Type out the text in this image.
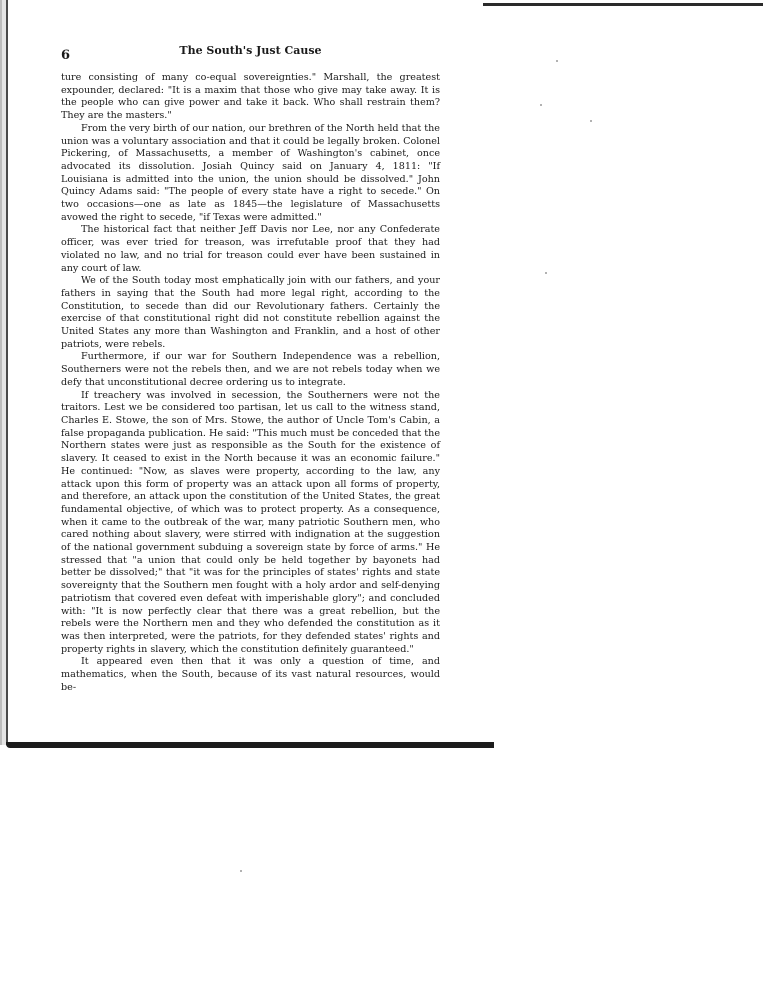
6	The South's Just Cause

ture consisting of many co-equal sovereignties." Marshall, the greatest expounder, declared: "It is a maxim that those who give may take away. It is the people who can give power and take it back. Who shall restrain them? They are the masters."

From the very birth of our nation, our brethren of the North held that the union was a voluntary association and that it could be legally broken. Colonel Pickering, of Massachusetts, a member of Washington's cabinet, once advocated its dissolution. Josiah Quincy said on January 4, 1811: "If Louisiana is admitted into the union, the union should be dissolved." John Quincy Adams said: "The people of every state have a right to secede." On two occasions—one as late as 1845—the legislature of Massachusetts avowed the right to secede, "if Texas were admitted."

The historical fact that neither Jeff Davis nor Lee, nor any Confederate officer, was ever tried for treason, was irrefutable proof that they had violated no law, and no trial for treason could ever have been sustained in any court of law.

We of the South today most emphatically join with our fathers, and your fathers in saying that the South had more legal right, according to the Constitution, to secede than did our Revolutionary fathers. Certainly the exercise of that constitutional right did not constitute rebellion against the United States any more than Washington and Franklin, and a host of other patriots, were rebels.

Furthermore, if our war for Southern Independence was a rebellion, Southerners were not the rebels then, and we are not rebels today when we defy that unconstitutional decree ordering us to integrate.

If treachery was involved in secession, the Southerners were not the traitors. Lest we be considered too partisan, let us call to the witness stand, Charles E. Stowe, the son of Mrs. Stowe, the author of Uncle Tom's Cabin, a false propaganda publication. He said: "This much must be conceded that the Northern states were just as responsible as the South for the existence of slavery. It ceased to exist in the North because it was an economic failure." He continued: "Now, as slaves were property, according to the law, any attack upon this form of property was an attack upon all forms of property, and therefore, an attack upon the constitution of the United States, the great fundamental objective, of which was to protect property. As a consequence, when it came to the outbreak of the war, many patriotic Southern men, who cared nothing about slavery, were stirred with indignation at the suggestion of the national government subduing a sovereign state by force of arms." He stressed that "a union that could only be held together by bayonets had better be dissolved;" that "it was for the principles of states' rights and state sovereignty that the Southern men fought with a holy ardor and self-denying patriotism that covered even defeat with imperishable glory"; and concluded with: "It is now perfectly clear that there was a great rebellion, but the rebels were the Northern men and they who defended the constitution as it was then interpreted, were the patriots, for they defended states' rights and property rights in slavery, which the constitution definitely guaranteed."

It appeared even then that it was only a question of time, and mathematics, when the South, because of its vast natural resources, would be-
